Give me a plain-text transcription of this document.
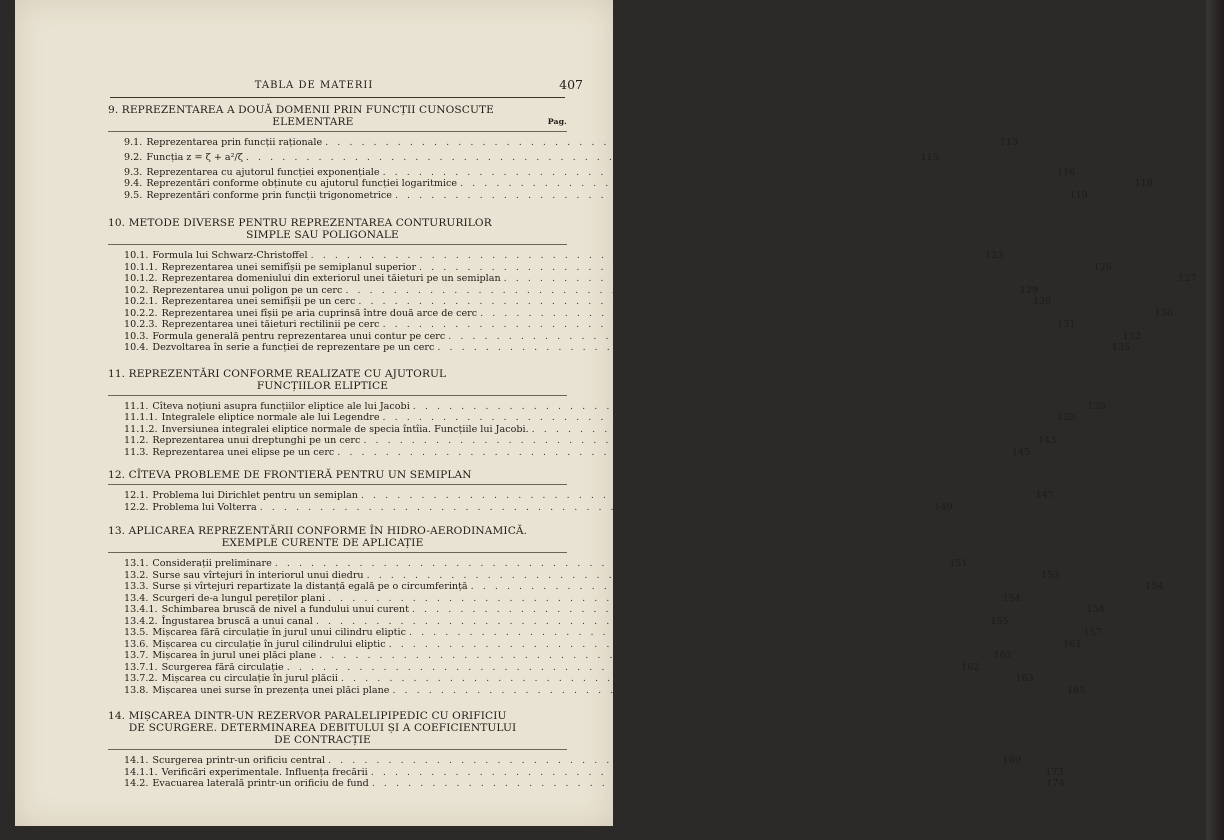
TABLA DE MATERII	407
9. REPREZENTAREA A DOUĂ DOMENII PRIN FUNCȚII CUNOSCUTE
ELEMENTARE	Pag.
9.1. Reprezentarea prin funcții raționale . . . . . . . . . . . . . . . . . . . . . . . . . . . . . . . . . . . . . . . . . . . . . . . . . . . . . . . . 113
9.2. Funcția z = ζ + a²/ζ . . . . . . . . . . . . . . . . . . . . . . . . . . . . . . . . . . . . . . . . . . . . . . . . . . . . . . . . 115
9.3. Reprezentarea cu ajutorul funcției exponențiale . . . . . . . . . . . . . . . . . . . . . . . . . . . . . . . . . . . . . . . . . . . . . . . . . . . . . . . . 116
9.4. Reprezentări conforme obținute cu ajutorul funcției logaritmice . . . . . . . . . . . . . . . . . . . . . . . . . . . . . . . . . . . . . . . . . . . . . . . . . . . . . . . . 118
9.5. Reprezentări conforme prin funcții trigonometrice . . . . . . . . . . . . . . . . . . . . . . . . . . . . . . . . . . . . . . . . . . . . . . . . . . . . . . . . 119
10. METODE DIVERSE PENTRU REPREZENTAREA CONTURURILOR
SIMPLE SAU POLIGONALE
10.1. Formula lui Schwarz-Christoffel . . . . . . . . . . . . . . . . . . . . . . . . . . . . . . . . . . . . . . . . . . . . . . . . . . . . . . . . 123
10.1.1. Reprezentarea unei semifîșii pe semiplanul superior . . . . . . . . . . . . . . . . . . . . . . . . . . . . . . . . . . . . . . . . . . . . . . . . . . . . . . . . 126
10.1.2. Reprezentarea domeniului din exteriorul unei tăieturi pe un semiplan . . . . . . . . . . . . . . . . . . . . . . . . . . . . . . . . . . . . . . . . . . . . . . . . . . . . . . . . 127
10.2. Reprezentarea unui poligon pe un cerc . . . . . . . . . . . . . . . . . . . . . . . . . . . . . . . . . . . . . . . . . . . . . . . . . . . . . . . . 129
10.2.1. Reprezentarea unei semifîșii pe un cerc . . . . . . . . . . . . . . . . . . . . . . . . . . . . . . . . . . . . . . . . . . . . . . . . . . . . . . . . 130
10.2.2. Reprezentarea unei fîșii pe aria cuprinsă între două arce de cerc . . . . . . . . . . . . . . . . . . . . . . . . . . . . . . . . . . . . . . . . . . . . . . . . . . . . . . . . 130
10.2.3. Reprezentarea unei tăieturi rectilinii pe cerc . . . . . . . . . . . . . . . . . . . . . . . . . . . . . . . . . . . . . . . . . . . . . . . . . . . . . . . . 131
10.3. Formula generală pentru reprezentarea unui contur pe cerc . . . . . . . . . . . . . . . . . . . . . . . . . . . . . . . . . . . . . . . . . . . . . . . . . . . . . . . . 132
10.4. Dezvoltarea în serie a funcției de reprezentare pe un cerc . . . . . . . . . . . . . . . . . . . . . . . . . . . . . . . . . . . . . . . . . . . . . . . . . . . . . . . . 135
11. REPREZENTĂRI CONFORME REALIZATE CU AJUTORUL
FUNCȚIILOR ELIPTICE
11.1. Cîteva noțiuni asupra funcțiilor eliptice ale lui Jacobi . . . . . . . . . . . . . . . . . . . . . . . . . . . . . . . . . . . . . . . . . . . . . . . . . . . . . . . . 139
11.1.1. Integralele eliptice normale ale lui Legendre . . . . . . . . . . . . . . . . . . . . . . . . . . . . . . . . . . . . . . . . . . . . . . . . . . . . . . . . 139
11.1.2. Inversiunea integralei eliptice normale de specia întîia. Funcțiile lui Jacobi. . . . . . . . . . . . . . . . . . . . . . . . . . . . . . . . . . . . . . . . . . . . . . . . . . . . . . . . .
11.2. Reprezentarea unui dreptunghi pe un cerc . . . . . . . . . . . . . . . . . . . . . . . . . . . . . . . . . . . . . . . . . . . . . . . . . . . . . . . . 143
11.3. Reprezentarea unei elipse pe un cerc . . . . . . . . . . . . . . . . . . . . . . . . . . . . . . . . . . . . . . . . . . . . . . . . . . . . . . . . 145
12. CÎTEVA PROBLEME DE FRONTIERĂ PENTRU UN SEMIPLAN
12.1. Problema lui Dirichlet pentru un semiplan . . . . . . . . . . . . . . . . . . . . . . . . . . . . . . . . . . . . . . . . . . . . . . . . . . . . . . . . 147
12.2. Problema lui Volterra . . . . . . . . . . . . . . . . . . . . . . . . . . . . . . . . . . . . . . . . . . . . . . . . . . . . . . . . 149
13. APLICAREA REPREZENTĂRII CONFORME ÎN HIDRO-AERODINAMICĂ.
EXEMPLE CURENTE DE APLICAȚIE
13.1. Considerații preliminare . . . . . . . . . . . . . . . . . . . . . . . . . . . . . . . . . . . . . . . . . . . . . . . . . . . . . . . . 151
13.2. Surse sau vîrtejuri în interiorul unui diedru . . . . . . . . . . . . . . . . . . . . . . . . . . . . . . . . . . . . . . . . . . . . . . . . . . . . . . . . 153
13.3. Surse și vîrtejuri repartizate la distanță egală pe o circumferință . . . . . . . . . . . . . . . . . . . . . . . . . . . . . . . . . . . . . . . . . . . . . . . . . . . . . . . . 154
13.4. Scurgeri de-a lungul pereților plani . . . . . . . . . . . . . . . . . . . . . . . . . . . . . . . . . . . . . . . . . . . . . . . . . . . . . . . . 154
13.4.1. Schimbarea bruscă de nivel a fundului unui curent . . . . . . . . . . . . . . . . . . . . . . . . . . . . . . . . . . . . . . . . . . . . . . . . . . . . . . . . 154
13.4.2. Îngustarea bruscă a unui canal . . . . . . . . . . . . . . . . . . . . . . . . . . . . . . . . . . . . . . . . . . . . . . . . . . . . . . . . 155
13.5. Mișcarea fără circulație în jurul unui cilindru eliptic . . . . . . . . . . . . . . . . . . . . . . . . . . . . . . . . . . . . . . . . . . . . . . . . . . . . . . . . 157
13.6. Mișcarea cu circulație în jurul cilindrului eliptic . . . . . . . . . . . . . . . . . . . . . . . . . . . . . . . . . . . . . . . . . . . . . . . . . . . . . . . . 161
13.7. Mișcarea în jurul unei plăci plane . . . . . . . . . . . . . . . . . . . . . . . . . . . . . . . . . . . . . . . . . . . . . . . . . . . . . . . . 162
13.7.1. Scurgerea fără circulație . . . . . . . . . . . . . . . . . . . . . . . . . . . . . . . . . . . . . . . . . . . . . . . . . . . . . . . . 162
13.7.2. Mișcarea cu circulație în jurul plăcii . . . . . . . . . . . . . . . . . . . . . . . . . . . . . . . . . . . . . . . . . . . . . . . . . . . . . . . . 163
13.8. Mișcarea unei surse în prezența unei plăci plane . . . . . . . . . . . . . . . . . . . . . . . . . . . . . . . . . . . . . . . . . . . . . . . . . . . . . . . . 165
14. MIȘCAREA DINTR-UN REZERVOR PARALELIPIPEDIC CU ORIFICIU
DE SCURGERE. DETERMINAREA DEBITULUI ȘI A COEFICIENTULUI
DE CONTRACȚIE
14.1. Scurgerea printr-un orificiu central . . . . . . . . . . . . . . . . . . . . . . . . . . . . . . . . . . . . . . . . . . . . . . . . . . . . . . . . 169
14.1.1. Verificări experimentale. Influența frecării . . . . . . . . . . . . . . . . . . . . . . . . . . . . . . . . . . . . . . . . . . . . . . . . . . . . . . . . 173
14.2. Evacuarea laterală printr-un orificiu de fund . . . . . . . . . . . . . . . . . . . . . . . . . . . . . . . . . . . . . . . . . . . . . . . . . . . . . . . . 174
